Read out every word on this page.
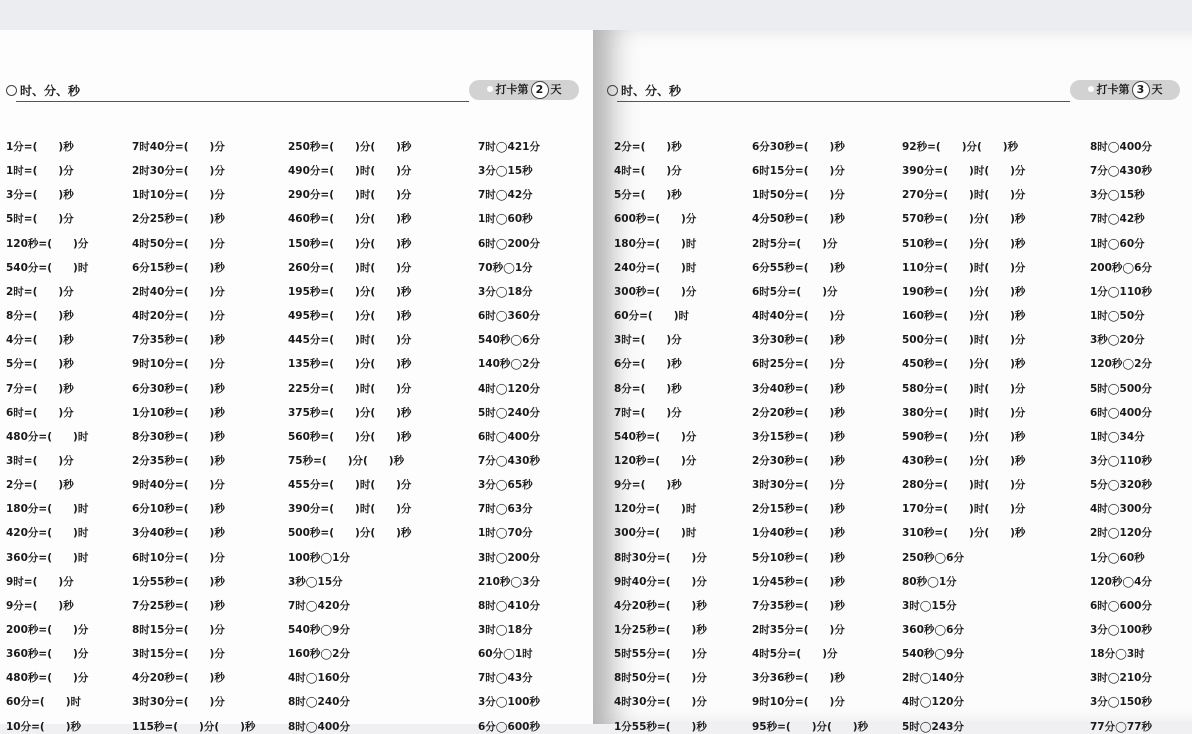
时、分、秒	打卡第 2 天
1分=(　　)秒
1时=(　　)分
3分=(　　)秒
5时=(　　)分
120秒=(　　)分
540分=(　　)时
2时=(　　)分
8分=(　　)秒
4分=(　　)秒
5分=(　　)秒
7分=(　　)秒
6时=(　　)分
480分=(　　)时
3时=(　　)分
2分=(　　)秒
180分=(　　)时
420分=(　　)时
360分=(　　)时
9时=(　　)分
9分=(　　)秒
200秒=(　　)分
360秒=(　　)分
480秒=(　　)分
60分=(　　)时
10分=(　　)秒
7时40分=(　　)分
2时30分=(　　)分
1时10分=(　　)分
2分25秒=(　　)秒
4时50分=(　　)分
6分15秒=(　　)秒
2时40分=(　　)分
4时20分=(　　)分
7分35秒=(　　)秒
9时10分=(　　)分
6分30秒=(　　)秒
1分10秒=(　　)秒
8分30秒=(　　)秒
2分35秒=(　　)秒
9时40分=(　　)分
6分10秒=(　　)秒
3分40秒=(　　)秒
6时10分=(　　)分
1分55秒=(　　)秒
7分25秒=(　　)秒
8时15分=(　　)分
3时15分=(　　)分
4分20秒=(　　)秒
3时30分=(　　)分
115秒=(　　)分(　　)秒
250秒=(　　)分(　　)秒
490分=(　　)时(　　)分
290分=(　　)时(　　)分
460秒=(　　)分(　　)秒
150秒=(　　)分(　　)秒
260分=(　　)时(　　)分
195秒=(　　)分(　　)秒
495秒=(　　)分(　　)秒
445分=(　　)时(　　)分
135秒=(　　)分(　　)秒
225分=(　　)时(　　)分
375秒=(　　)分(　　)秒
560秒=(　　)分(　　)秒
75秒=(　　)分(　　)秒
455分=(　　)时(　　)分
390分=(　　)时(　　)分
500秒=(　　)分(　　)秒
100秒◯1分
3秒◯15分
7时◯420分
540秒◯9分
160秒◯2分
4时◯160分
8时◯240分
8时◯400分
7时◯421分
3分◯15秒
7时◯42分
1时◯60秒
6时◯200分
70秒◯1分
3分◯18分
6时◯360分
540秒◯6分
140秒◯2分
4时◯120分
5时◯240分
6时◯400分
7分◯430秒
3分◯65秒
7时◯63分
1时◯70分
3时◯200分
210秒◯3分
8时◯410分
3时◯18分
60分◯1时
7时◯43分
3分◯100秒
6分◯600秒
时、分、秒	打卡第 3 天
2分=(　　)秒
4时=(　　)分
5分=(　　)秒
600秒=(　　)分
180分=(　　)时
240分=(　　)时
300秒=(　　)分
60分=(　　)时
3时=(　　)分
6分=(　　)秒
8分=(　　)秒
7时=(　　)分
540秒=(　　)分
120秒=(　　)分
9分=(　　)秒
120分=(　　)时
300分=(　　)时
8时30分=(　　)分
9时40分=(　　)分
4分20秒=(　　)秒
1分25秒=(　　)秒
5时55分=(　　)分
8时50分=(　　)分
4时30分=(　　)分
1分55秒=(　　)秒
6分30秒=(　　)秒
6时15分=(　　)分
1时50分=(　　)分
4分50秒=(　　)秒
2时5分=(　　)分
6分55秒=(　　)秒
6时5分=(　　)分
4时40分=(　　)分
3分30秒=(　　)秒
6时25分=(　　)分
3分40秒=(　　)秒
2分20秒=(　　)秒
3分15秒=(　　)秒
2分30秒=(　　)秒
3时30分=(　　)分
2分15秒=(　　)秒
1分40秒=(　　)秒
5分10秒=(　　)秒
1分45秒=(　　)秒
7分35秒=(　　)秒
2时35分=(　　)分
4时5分=(　　)分
3分36秒=(　　)秒
9时10分=(　　)分
95秒=(　　)分(　　)秒
92秒=(　　)分(　　)秒
390分=(　　)时(　　)分
270分=(　　)时(　　)分
570秒=(　　)分(　　)秒
510秒=(　　)分(　　)秒
110分=(　　)时(　　)分
190秒=(　　)分(　　)秒
160秒=(　　)分(　　)秒
500分=(　　)时(　　)分
450秒=(　　)分(　　)秒
580分=(　　)时(　　)分
380分=(　　)时(　　)分
590秒=(　　)分(　　)秒
430秒=(　　)分(　　)秒
280分=(　　)时(　　)分
170分=(　　)时(　　)分
310秒=(　　)分(　　)秒
250秒◯6分
80秒◯1分
3时◯15分
360秒◯6分
540秒◯9分
2时◯140分
4时◯120分
5时◯243分
8时◯400分
7分◯430秒
3分◯15秒
7时◯42秒
1时◯60分
200秒◯6分
1分◯110秒
1时◯50分
3秒◯20分
120秒◯2分
5时◯500分
6时◯400分
1时◯34分
3分◯110秒
5分◯320秒
4时◯300分
2时◯120分
1分◯60秒
120秒◯4分
6时◯600分
3分◯100秒
18分◯3时
3时◯210分
3分◯150秒
77分◯77秒
